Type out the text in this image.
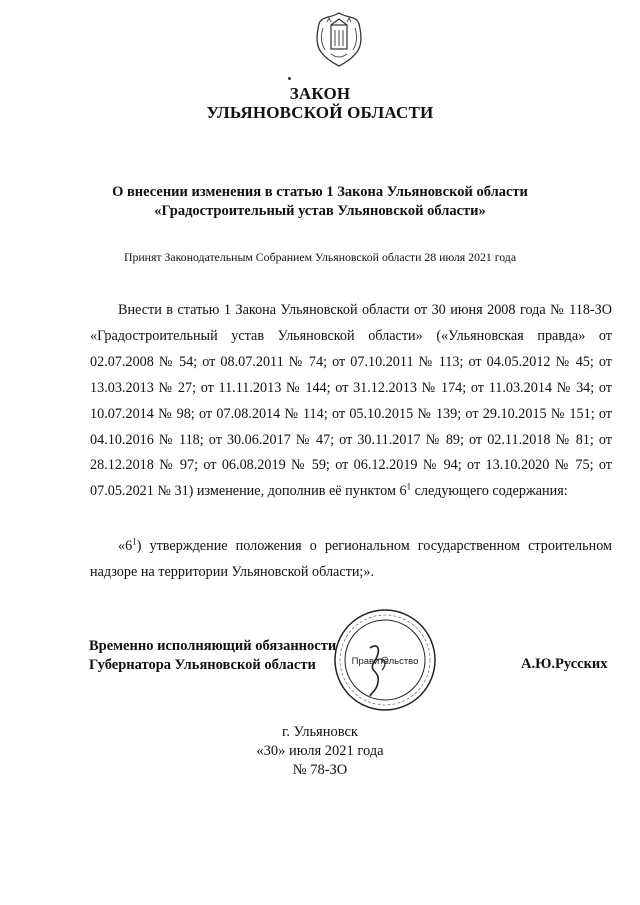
ЗАКОН
УЛЬЯНОВСКОЙ ОБЛАСТИ
О внесении изменения в статью 1 Закона Ульяновской области
«Градостроительный устав Ульяновской области»
Принят Законодательным Собранием Ульяновской области 28 июля 2021 года
Внести в статью 1 Закона Ульяновской области от 30 июня 2008 года № 118-ЗО «Градостроительный устав Ульяновской области» («Ульяновская правда» от 02.07.2008 № 54; от 08.07.2011 № 74; от 07.10.2011 № 113; от 04.05.2012 № 45; от 13.03.2013 № 27; от 11.11.2013 № 144; от 31.12.2013 № 174; от 11.03.2014 № 34; от 10.07.2014 № 98; от 07.08.2014 № 114; от 05.10.2015 № 139; от 29.10.2015 № 151; от 04.10.2016 № 118; от 30.06.2017 № 47; от 30.11.2017 № 89; от 02.11.2018 № 81; от 28.12.2018 № 97; от 06.08.2019 № 59; от 06.12.2019 № 94; от 13.10.2020 № 75; от 07.05.2021 № 31) изменение, дополнив её пунктом $6^1$ следующего содержания:
«$6^1$) утверждение положения о региональном государственном строительном надзоре на территории Ульяновской области;».
Правительство
Временно исполняющий обязанности
Губернатора Ульяновской области	А.Ю.Русских
г. Ульяновск
«30» июля 2021 года
№ 78-ЗО
